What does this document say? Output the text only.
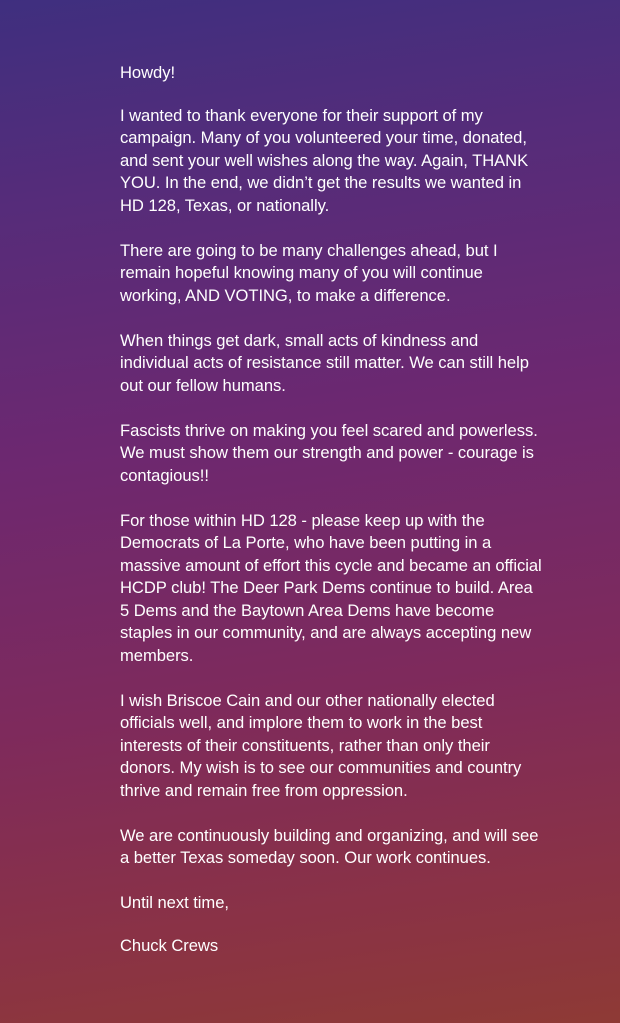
Howdy!

I wanted to thank everyone for their support of my campaign. Many of you volunteered your time, donated, and sent your well wishes along the way. Again, THANK YOU. In the end, we didn’t get the results we wanted in HD 128, Texas, or nationally.

There are going to be many challenges ahead, but I remain hopeful knowing many of you will continue working, AND VOTING, to make a difference.

When things get dark, small acts of kindness and individual acts of resistance still matter. We can still help out our fellow humans.

Fascists thrive on making you feel scared and powerless. We must show them our strength and power - courage is contagious!!

For those within HD 128 - please keep up with the Democrats of La Porte, who have been putting in a massive amount of effort this cycle and became an official HCDP club! The Deer Park Dems continue to build. Area 5 Dems and the Baytown Area Dems have become staples in our community, and are always accepting new members.

I wish Briscoe Cain and our other nationally elected officials well, and implore them to work in the best interests of their constituents, rather than only their donors. My wish is to see our communities and country thrive and remain free from oppression.

We are continuously building and organizing, and will see a better Texas someday soon. Our work continues.

Until next time,

Chuck Crews
